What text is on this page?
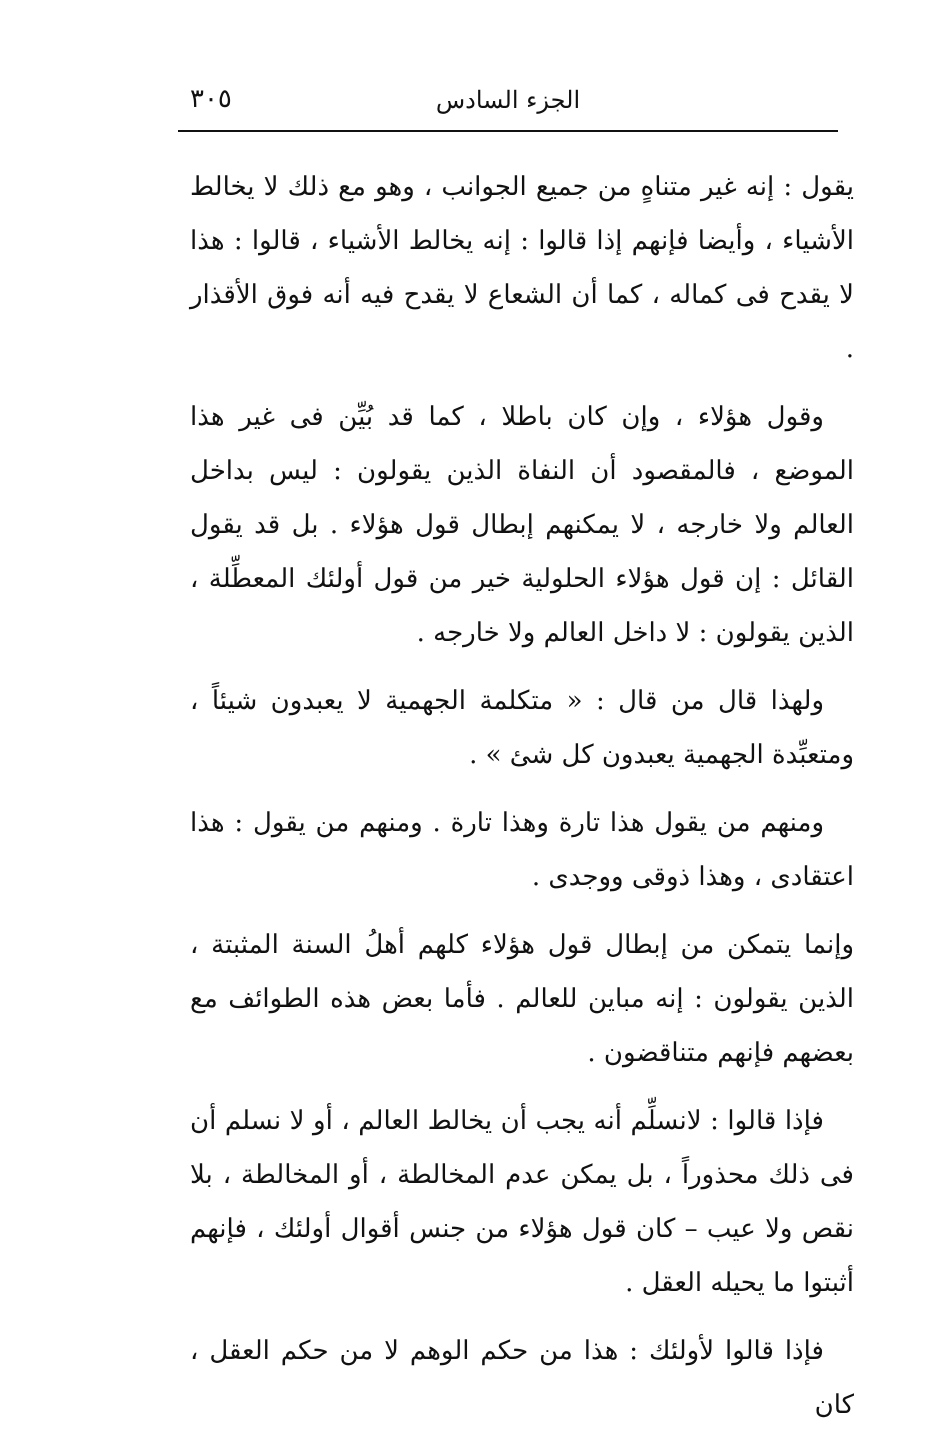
٣٠٥	الجزء السادس

يقول : إنه غير متناهٍ من جميع الجوانب ، وهو مع ذلك لا يخالط الأشياء ، وأيضا فإنهم إذا قالوا : إنه يخالط الأشياء ، قالوا : هذا لا يقدح فى كماله ، كما أن الشعاع لا يقدح فيه أنه فوق الأقذار .

وقول هؤلاء ، وإن كان باطلا ، كما قد بُيِّن فى غير هذا الموضع ، فالمقصود أن النفاة الذين يقولون : ليس بداخل العالم ولا خارجه ، لا يمكنهم إبطال قول هؤلاء . بل قد يقول القائل : إن قول هؤلاء الحلولية خير من قول أولئك المعطِّلة ، الذين يقولون : لا داخل العالم ولا خارجه .

ولهذا قال من قال : « متكلمة الجهمية لا يعبدون شيئاً ، ومتعبِّدة الجهمية يعبدون كل شئ » .

ومنهم من يقول هذا تارة وهذا تارة . ومنهم من يقول : هذا اعتقادى ، وهذا ذوقى ووجدى .

وإنما يتمكن من إبطال قول هؤلاء كلهم أهلُ السنة المثبتة ، الذين يقولون : إنه مباين للعالم . فأما بعض هذه الطوائف مع بعضهم فإنهم متناقضون .

فإذا قالوا : لانسلِّم أنه يجب أن يخالط العالم ، أو لا نسلم أن فى ذلك محذوراً ، بل يمكن عدم المخالطة ، أو المخالطة ، بلا نقص ولا عيب – كان قول هؤلاء من جنس أقوال أولئك ، فإنهم أثبتوا ما يحيله العقل .

فإذا قالوا لأولئك : هذا من حكم الوهم لا من حكم العقل ، كان
